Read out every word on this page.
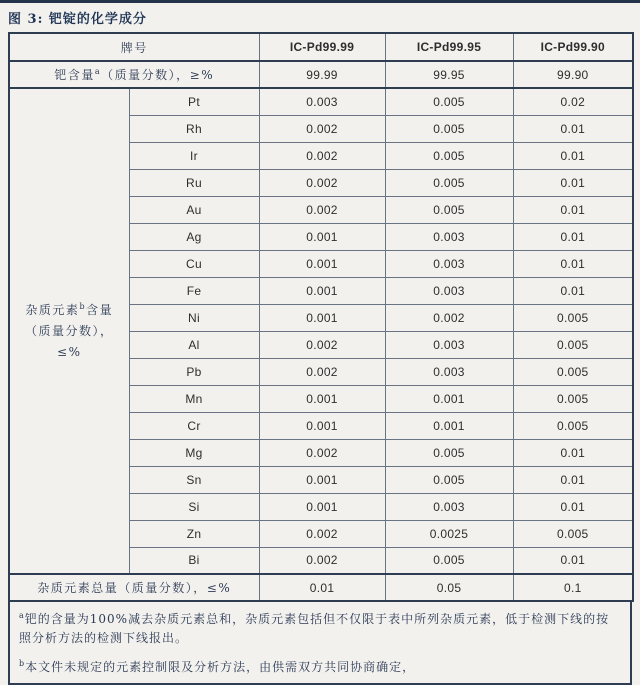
图 3: 钯锭的化学成分
牌号		IC-Pd99.99	IC-Pd99.95	IC-Pd99.90
钯含量$^a$（质量分数），≥%		99.99	99.95	99.90

杂质元素$^b$含量
（质量分数），
≤%	Pt	0.003	0.005	0.02
	Rh	0.002	0.005	0.01
	Ir	0.002	0.005	0.01
	Ru	0.002	0.005	0.01
	Au	0.002	0.005	0.01
	Ag	0.001	0.003	0.01
	Cu	0.001	0.003	0.01
	Fe	0.001	0.003	0.01
	Ni	0.001	0.002	0.005
	Al	0.002	0.003	0.005
	Pb	0.002	0.003	0.005
	Mn	0.001	0.001	0.005
	Cr	0.001	0.001	0.005
	Mg	0.002	0.005	0.01
	Sn	0.001	0.005	0.01
	Si	0.001	0.003	0.01
	Zn	0.002	0.0025	0.005
	Bi	0.002	0.005	0.01
杂质元素总量（质量分数），≤%		0.01	0.05	0.1

$^a$钯的含量为100%减去杂质元素总和，杂质元素包括但不仅限于表中所列杂质元素，低于检测下线的按照分析方法的检测下线报出。

$^b$本文件未规定的元素控制限及分析方法，由供需双方共同协商确定，
